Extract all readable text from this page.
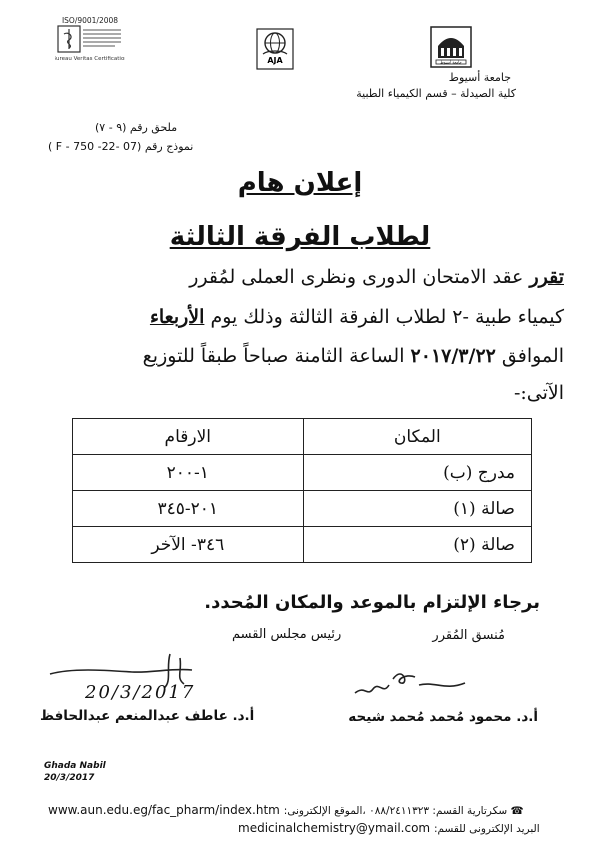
ISO/9001/2008
Bureau Veritas Certification	AJA	جامعة أسيوط
جامعة أسيوط
كلية الصيدلة – قسم الكيمياء الطبية
ملحق رقم (٩ - ٧)
نموذج رقم (07 -22- F - 750 )
إعلان هام
لطلاب الفرقة الثالثة
تقرر عقد الامتحان الدورى ونظرى العملى لمُقرر
كيمياء طبية -٢ لطلاب الفرقة الثالثة وذلك يوم الأربعاء
الموافق ٢٠١٧/٣/٢٢ الساعة الثامنة صباحاً طبقاً للتوزيع
الآتى:-
المكان	الارقام
مدرج (ب)	١-٢٠٠
صالة (١)	٢٠١-٣٤٥
صالة (٢)	٣٤٦- الآخر
برجاء الإلتزام بالموعد والمكان المُحدد.
مُنسق المُقرر
رئيس مجلس القسم
20/3/2017
أ.د. محمود مُحمد مُحمد شيحه
أ.د. عاطف عبدالمنعم عبدالحافظ
Ghada Nabil
20/3/2017
www.aun.edu.eg/fac_pharm/index.htm ☎ سكرتارية القسم: ٠٨٨/٢٤١١٣٢٣ ،الموقع الإلكترونى:
medicinalchemistry@ymail.com البريد الإلكترونى للقسم:
